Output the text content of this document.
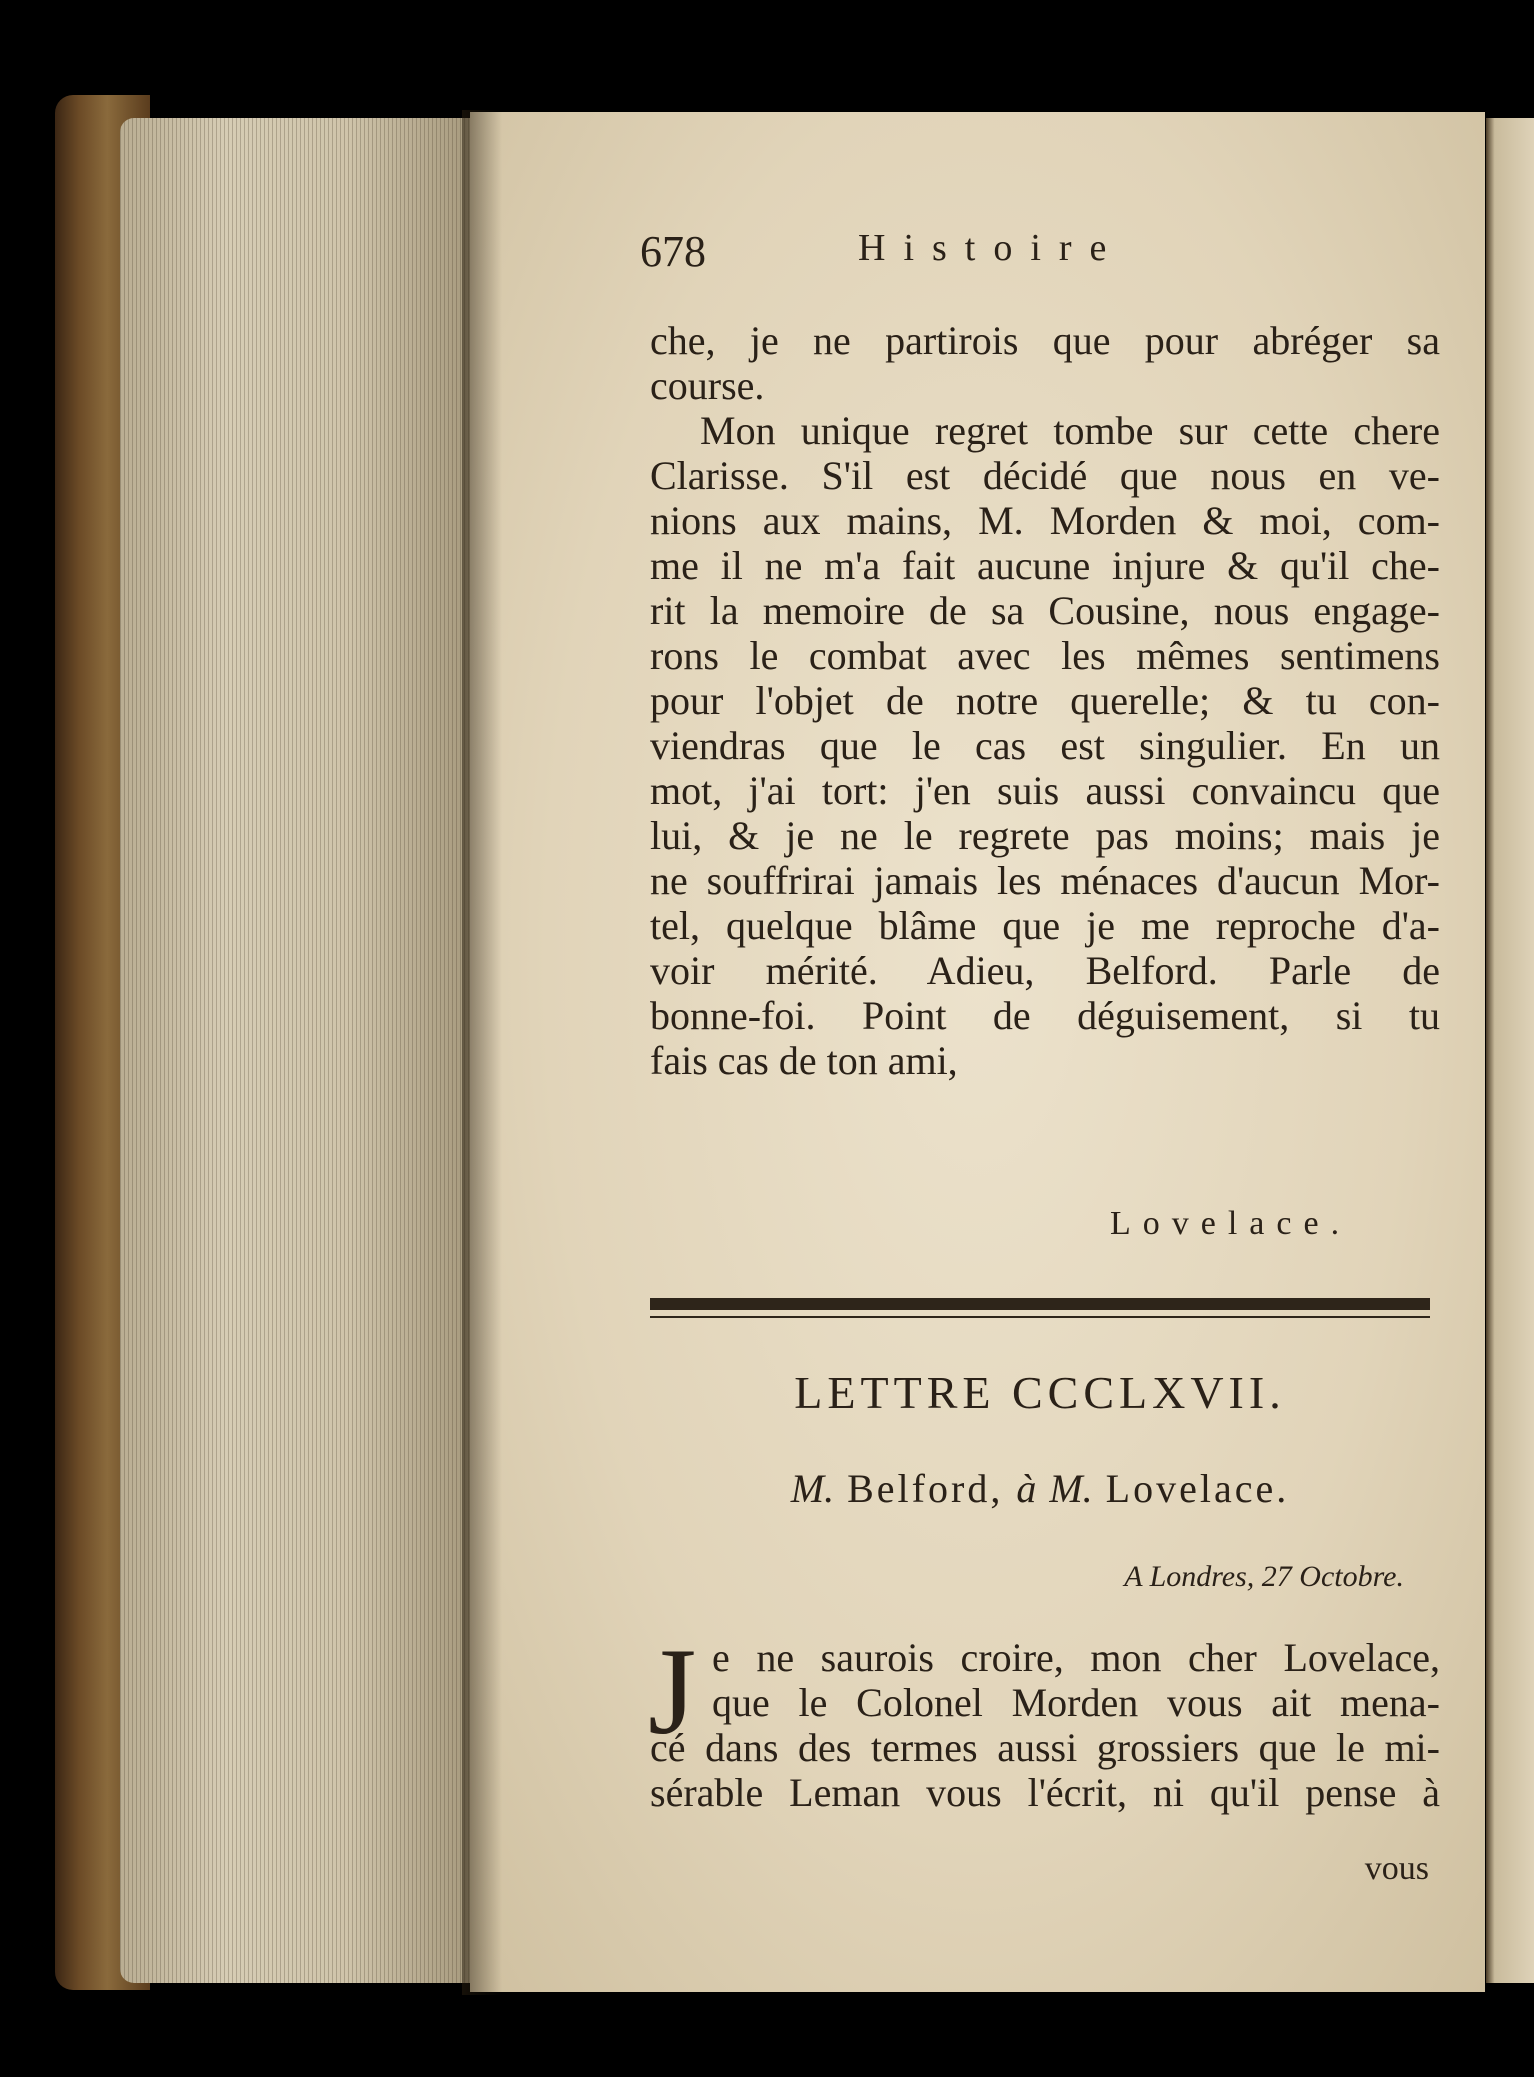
678	Histoire
che, je ne partirois que pour abréger sa
course.
Mon unique regret tombe sur cette chere
Clarisse. S'il est décidé que nous en ve-
nions aux mains, M. Morden & moi, com-
me il ne m'a fait aucune injure & qu'il che-
rit la memoire de sa Cousine, nous engage-
rons le combat avec les mêmes sentimens
pour l'objet de notre querelle; & tu con-
viendras que le cas est singulier. En un
mot, j'ai tort: j'en suis aussi convaincu que
lui, & je ne le regrete pas moins; mais je
ne souffrirai jamais les ménaces d'aucun Mor-
tel, quelque blâme que je me reproche d'a-
voir mérité. Adieu, Belford. Parle de
bonne-foi. Point de déguisement, si tu
fais cas de ton ami,
Lovelace.
LETTRE CCCLXVII.
M. Belford, à M. Lovelace.
A Londres, 27 Octobre.
J e ne saurois croire, mon cher Lovelace,
que le Colonel Morden vous ait mena-
cé dans des termes aussi grossiers que le mi-
sérable Leman vous l'écrit, ni qu'il pense à
vous
